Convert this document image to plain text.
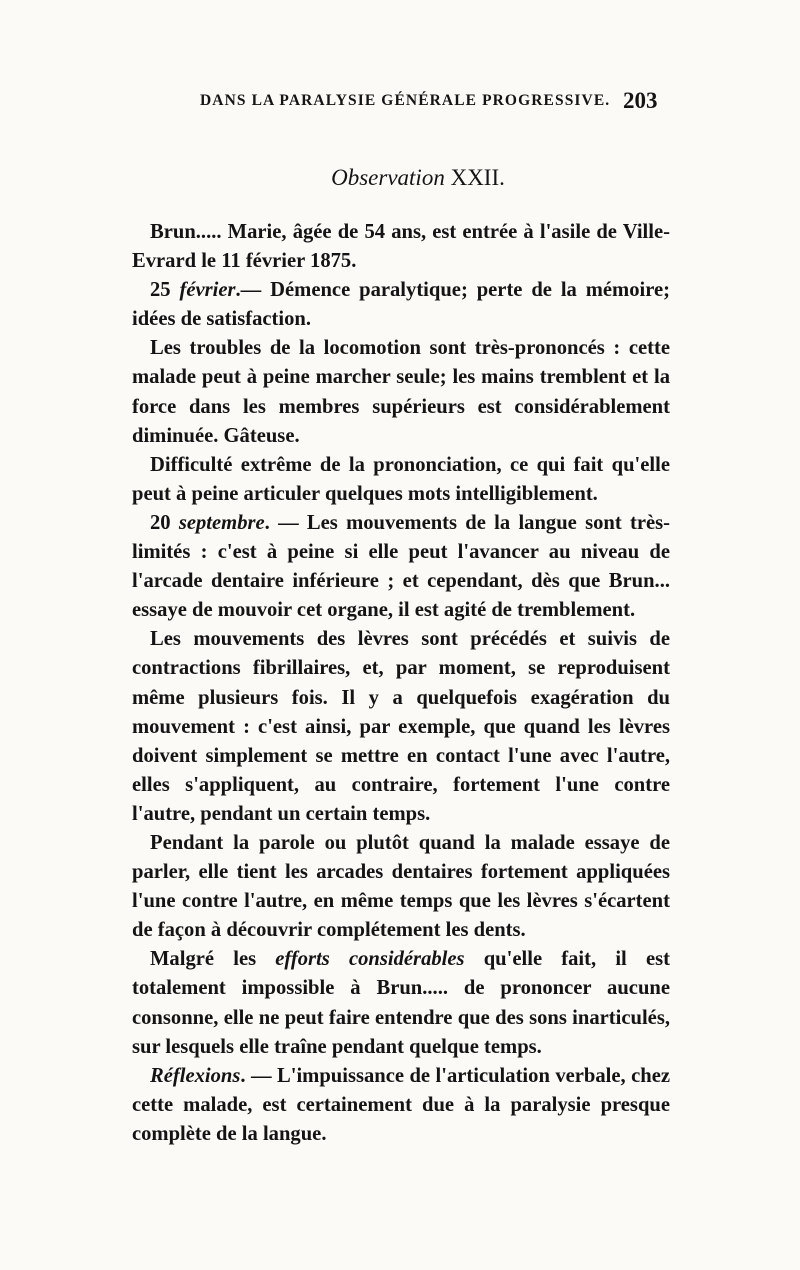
DANS LA PARALYSIE GÉNÉRALE PROGRESSIVE. 203
Observation XXII.

Brun..... Marie, âgée de 54 ans, est entrée à l'asile de Ville-Evrard le 11 février 1875.

25 février.— Démence paralytique; perte de la mémoire; idées de satisfaction.

Les troubles de la locomotion sont très-prononcés : cette malade peut à peine marcher seule; les mains tremblent et la force dans les membres supérieurs est considérablement diminuée. Gâteuse.

Difficulté extrême de la prononciation, ce qui fait qu'elle peut à peine articuler quelques mots intelligiblement.

20 septembre. — Les mouvements de la langue sont très-limités : c'est à peine si elle peut l'avancer au niveau de l'arcade dentaire inférieure ; et cependant, dès que Brun... essaye de mouvoir cet organe, il est agité de tremblement.

Les mouvements des lèvres sont précédés et suivis de contractions fibrillaires, et, par moment, se reproduisent même plusieurs fois. Il y a quelquefois exagération du mouvement : c'est ainsi, par exemple, que quand les lèvres doivent simplement se mettre en contact l'une avec l'autre, elles s'appliquent, au contraire, fortement l'une contre l'autre, pendant un certain temps.

Pendant la parole ou plutôt quand la malade essaye de parler, elle tient les arcades dentaires fortement appliquées l'une contre l'autre, en même temps que les lèvres s'écartent de façon à découvrir complétement les dents.

Malgré les efforts considérables qu'elle fait, il est totalement impossible à Brun..... de prononcer aucune consonne, elle ne peut faire entendre que des sons inarticulés, sur lesquels elle traîne pendant quelque temps.

Réflexions. — L'impuissance de l'articulation verbale, chez cette malade, est certainement due à la paralysie presque complète de la langue.
